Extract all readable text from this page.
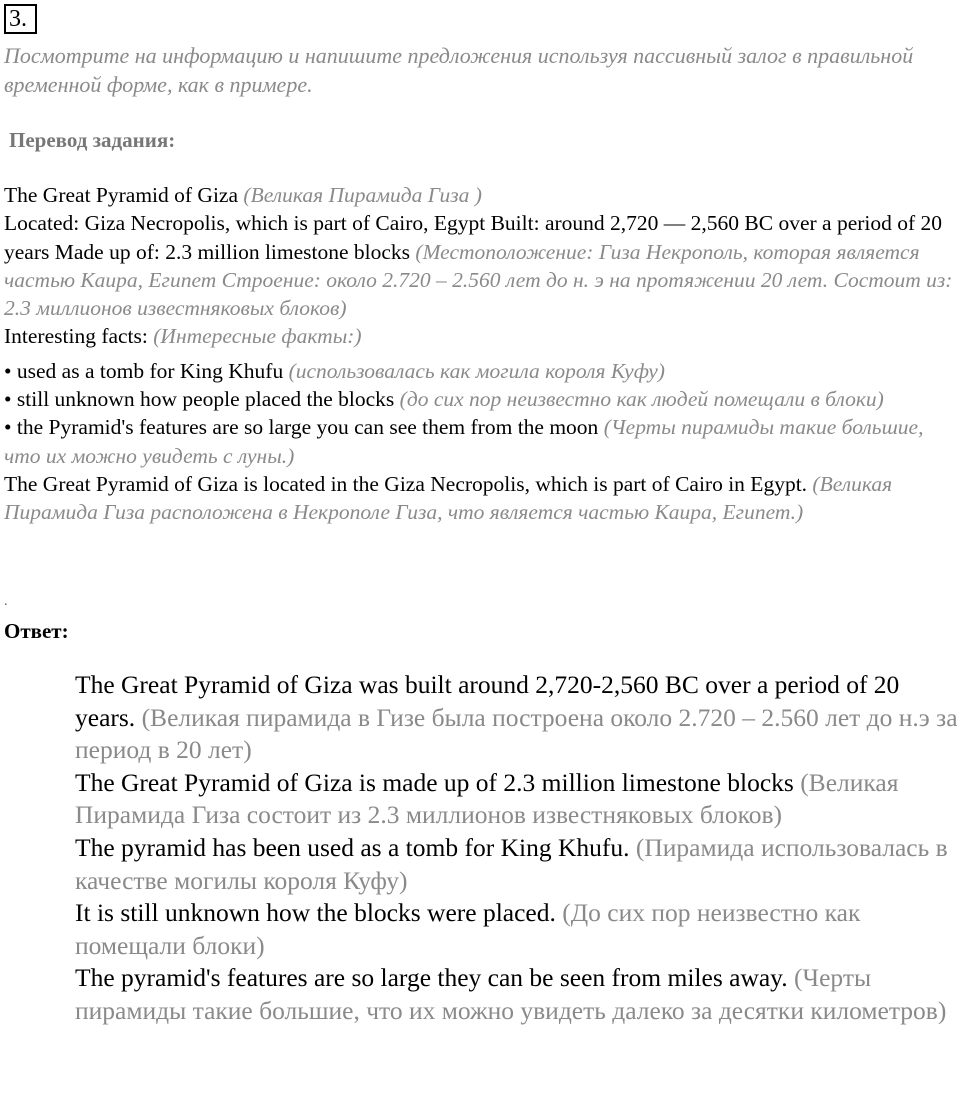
3.
Посмотрите на информацию и напишите предложения используя пассивный залог в правильной временной форме, как в примере.
Перевод задания:

The Great Pyramid of Giza (Великая Пирамида Гиза )

Located: Giza Necropolis, which is part of Cairo, Egypt Built: around 2,720 — 2,560 BC over a period of 20 years Made up of: 2.3 million limestone blocks (Местоположение: Гиза Некрополь, которая является частью Каира, Египет Строение: около 2.720 – 2.560 лет до н. э на протяжении 20 лет. Состоит из: 2.3 миллионов известняковых блоков)

Interesting facts: (Интересные факты:)

• used as a tomb for King Khufu (использовалась как могила короля Куфу)

• still unknown how people placed the blocks (до сих пор неизвестно как людей помещали в блоки)

• the Pyramid's features are so large you can see them from the moon (Черты пирамиды такие большие, что их можно увидеть с луны.)

The Great Pyramid of Giza is located in the Giza Necropolis, which is part of Cairo in Egypt. (Великая Пирамида Гиза расположена в Некрополе Гиза, что является частью Каира, Египет.)

.
Ответ:

The Great Pyramid of Giza was built around 2,720-2,560 BC over a period of 20 years. (Великая пирамида в Гизе была построена около 2.720 – 2.560 лет до н.э за период в 20 лет)

The Great Pyramid of Giza is made up of 2.3 million limestone blocks (Великая Пирамида Гиза состоит из 2.3 миллионов известняковых блоков)

The pyramid has been used as a tomb for King Khufu. (Пирамида использовалась в качестве могилы короля Куфу)

It is still unknown how the blocks were placed. (До сих пор неизвестно как помещали блоки)

The pyramid's features are so large they can be seen from miles away. (Черты пирамиды такие большие, что их можно увидеть далеко за десятки километров)
